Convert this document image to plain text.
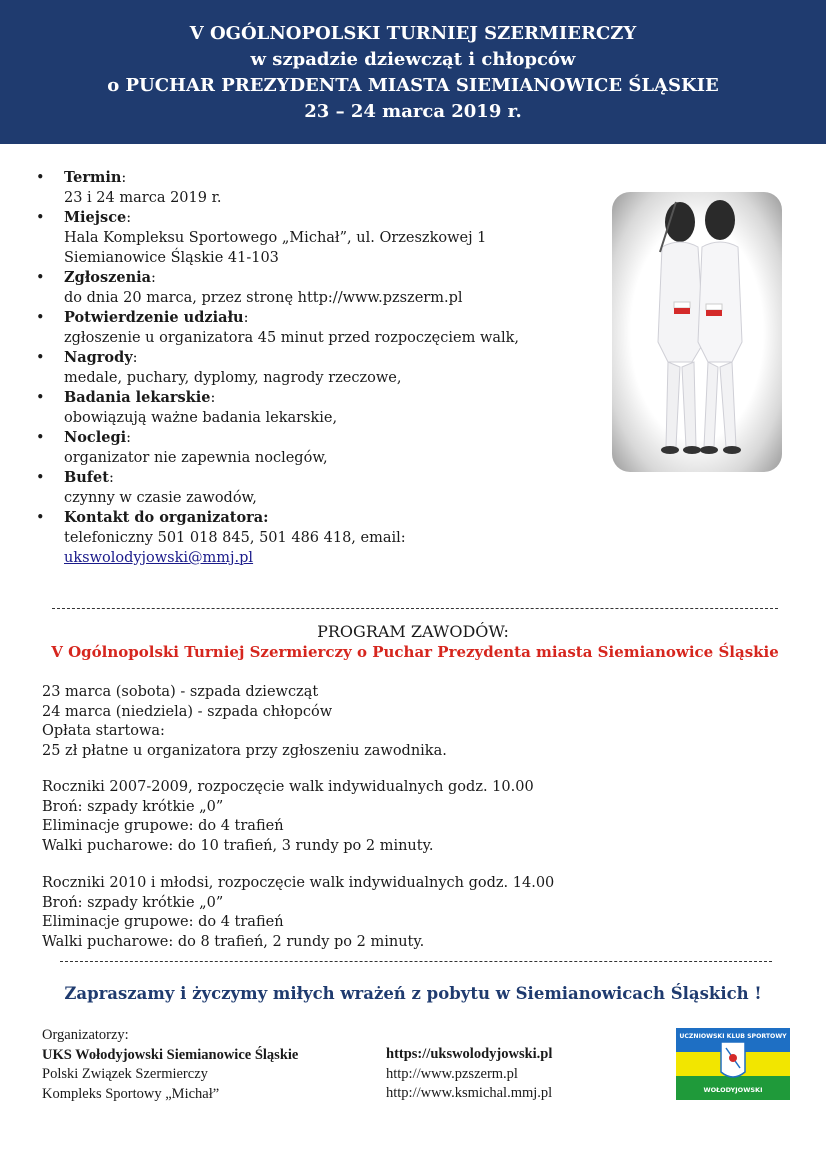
V OGÓLNOPOLSKI TURNIEJ SZERMIERCZY
w szpadzie dziewcząt i chłopców
o PUCHAR PREZYDENTA MIASTA SIEMIANOWICE ŚLĄSKIE
23 – 24 marca 2019 r.
• Termin:
23 i 24 marca 2019 r.
• Miejsce:
Hala Kompleksu Sportowego „Michał”, ul. Orzeszkowej 1
Siemianowice Śląskie 41-103
• Zgłoszenia:
do dnia 20 marca, przez stronę http://www.pzszerm.pl
• Potwierdzenie udziału:
zgłoszenie u organizatora 45 minut przed rozpoczęciem walk,
• Nagrody:
medale, puchary, dyplomy, nagrody rzeczowe,
• Badania lekarskie:
obowiązują ważne badania lekarskie,
• Noclegi:
organizator nie zapewnia noclegów,
• Bufet:
czynny w czasie zawodów,
• Kontakt do organizatora:
telefoniczny 501 018 845, 501 486 418, email:  ukswolodyjowski@mmj.pl
PROGRAM ZAWODÓW:
V Ogólnopolski Turniej Szermierczy o Puchar Prezydenta miasta Siemianowice Śląskie
23 marca (sobota) - szpada dziewcząt
24 marca (niedziela) - szpada chłopców
Opłata startowa:
25 zł płatne u organizatora przy zgłoszeniu zawodnika.
Roczniki 2007-2009, rozpoczęcie walk indywidualnych godz. 10.00
Broń: szpady krótkie „0”
Eliminacje grupowe: do 4 trafień
Walki pucharowe: do 10 trafień, 3 rundy po 2 minuty.
Roczniki 2010 i młodsi, rozpoczęcie walk indywidualnych godz. 14.00
Broń: szpady krótkie „0”
Eliminacje grupowe: do 4 trafień
Walki pucharowe: do 8 trafień, 2 rundy po 2 minuty.
Zapraszamy i życzymy miłych wrażeń z pobytu w Siemianowicach Śląskich !
Organizatorzy:
UKS Wołodyjowski Siemianowice Śląskie
Polski Związek Szermierczy
Kompleks Sportowy „Michał”
https://ukswolodyjowski.pl
http://www.pzszerm.pl
http://www.ksmichal.mmj.pl
UCZNIOWSKI KLUB SPORTOWY
WOŁODYJOWSKI
